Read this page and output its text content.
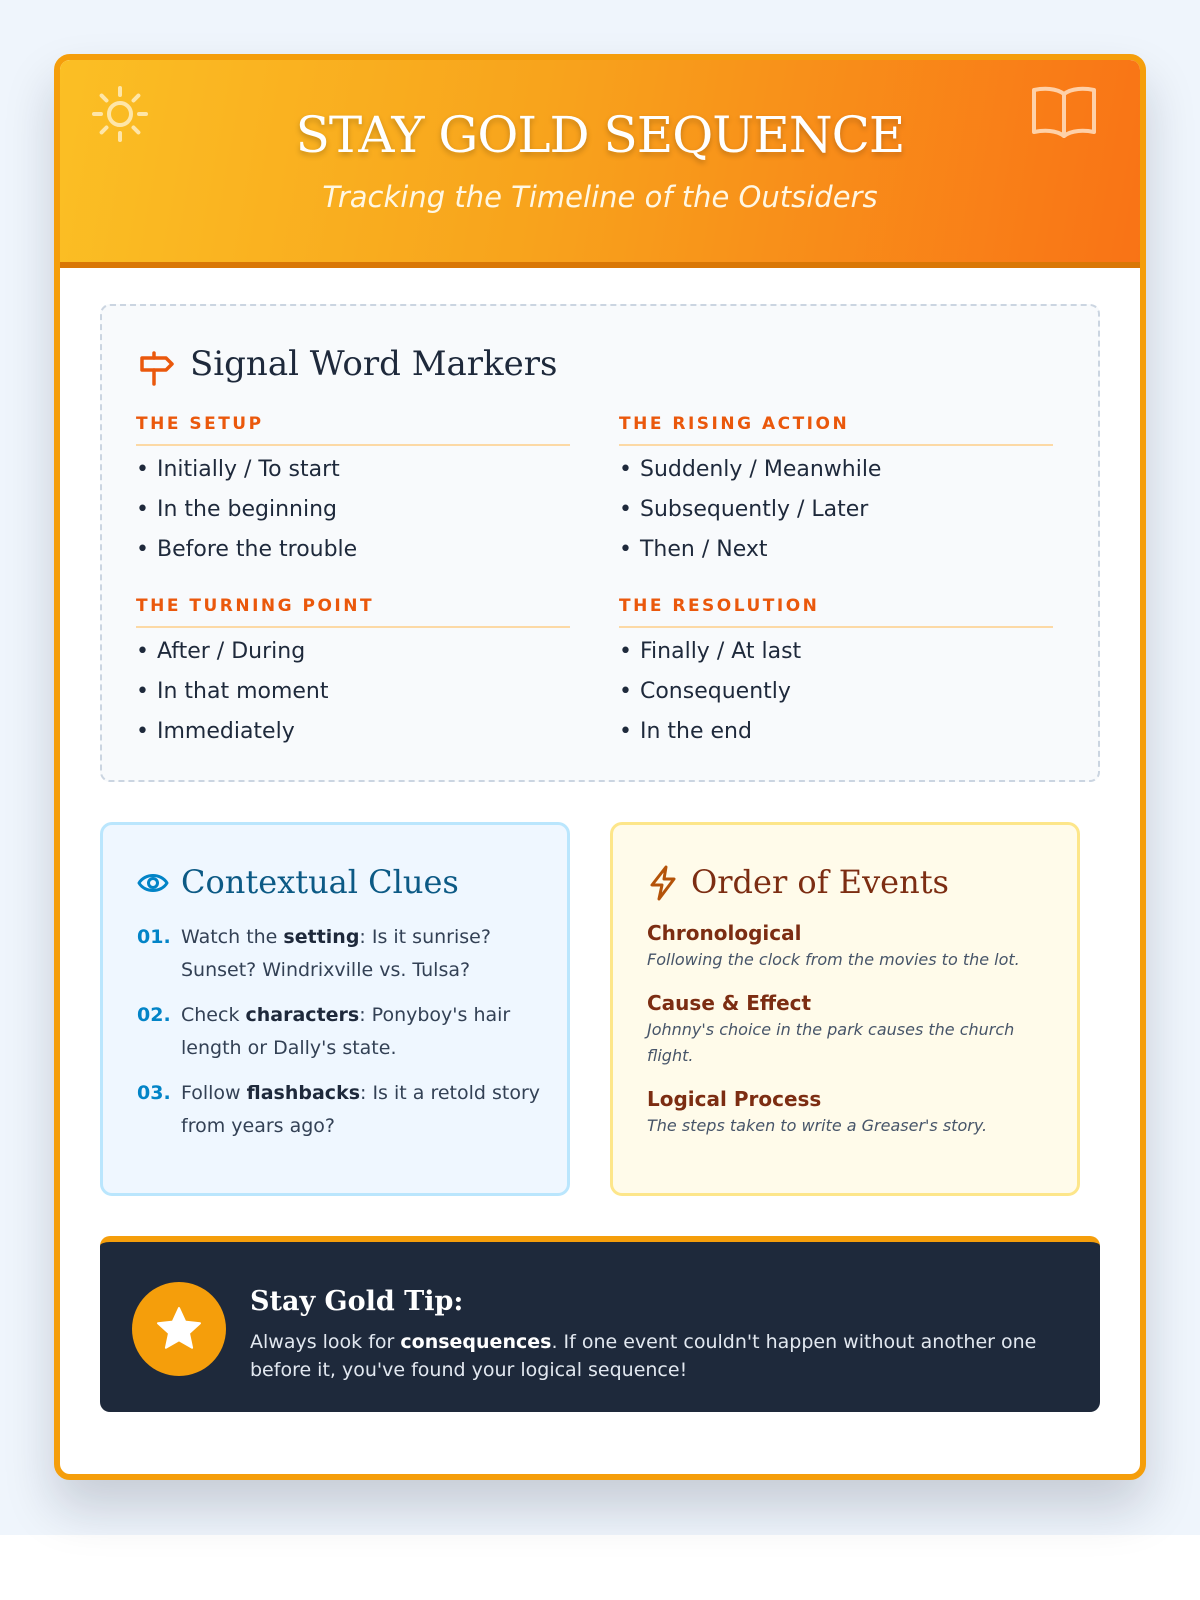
STAY GOLD SEQUENCE
Tracking the Timeline of the Outsiders
Signal Word Markers
THE SETUP
• Initially / To start
• In the beginning
• Before the trouble
THE RISING ACTION
• Suddenly / Meanwhile
• Subsequently / Later
• Then / Next
THE TURNING POINT
• After / During
• In that moment
• Immediately
THE RESOLUTION
• Finally / At last
• Consequently
• In the end
Contextual Clues
01. Watch the setting: Is it sunrise? Sunset? Windrixville vs. Tulsa?
02. Check characters: Ponyboy's hair length or Dally's state.
03. Follow flashbacks: Is it a retold story from years ago?
Order of Events
Chronological

Following the clock from the movies to the lot.

Cause & Effect

Johnny's choice in the park causes the church flight.

Logical Process

The steps taken to write a Greaser's story.

Stay Gold Tip:
Always look for consequences. If one event couldn't happen without another one before it, you've found your logical sequence!
